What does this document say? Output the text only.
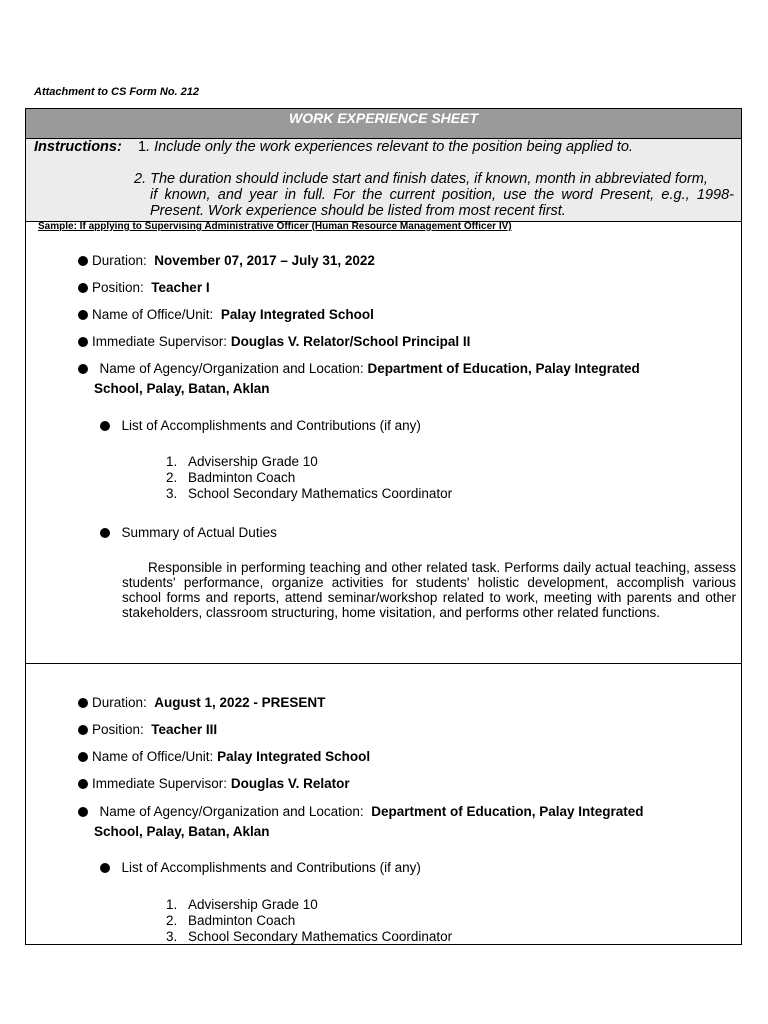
Attachment to CS Form No. 212
WORK EXPERIENCE SHEET
Instructions: 1. Include only the work experiences relevant to the position being applied to.
2. The duration should include start and finish dates, if known, month in abbreviated form,
if known, and year in full. For the current position, use the word Present, e.g., 1998-Present. Work experience should be listed from most recent first.
Sample: If applying to Supervising Administrative Officer (Human Resource Management Officer IV)
Duration: November 07, 2017 – July 31, 2022
Position: Teacher I
Name of Office/Unit: Palay Integrated School
Immediate Supervisor: Douglas V. Relator/School Principal II
Name of Agency/Organization and Location: Department of Education, Palay Integrated
School, Palay, Batan, Aklan
List of Accomplishments and Contributions (if any)
1. Advisership Grade 10
2. Badminton Coach
3. School Secondary Mathematics Coordinator
Summary of Actual Duties
Responsible in performing teaching and other related task. Performs daily actual teaching, assess students' performance, organize activities for students' holistic development, accomplish various school forms and reports, attend seminar/workshop related to work, meeting with parents and other stakeholders, classroom structuring, home visitation, and performs other related functions.
Duration: August 1, 2022 - PRESENT
Position: Teacher III
Name of Office/Unit: Palay Integrated School
Immediate Supervisor: Douglas V. Relator
Name of Agency/Organization and Location: Department of Education, Palay Integrated
School, Palay, Batan, Aklan
List of Accomplishments and Contributions (if any)
1. Advisership Grade 10
2. Badminton Coach
3. School Secondary Mathematics Coordinator
